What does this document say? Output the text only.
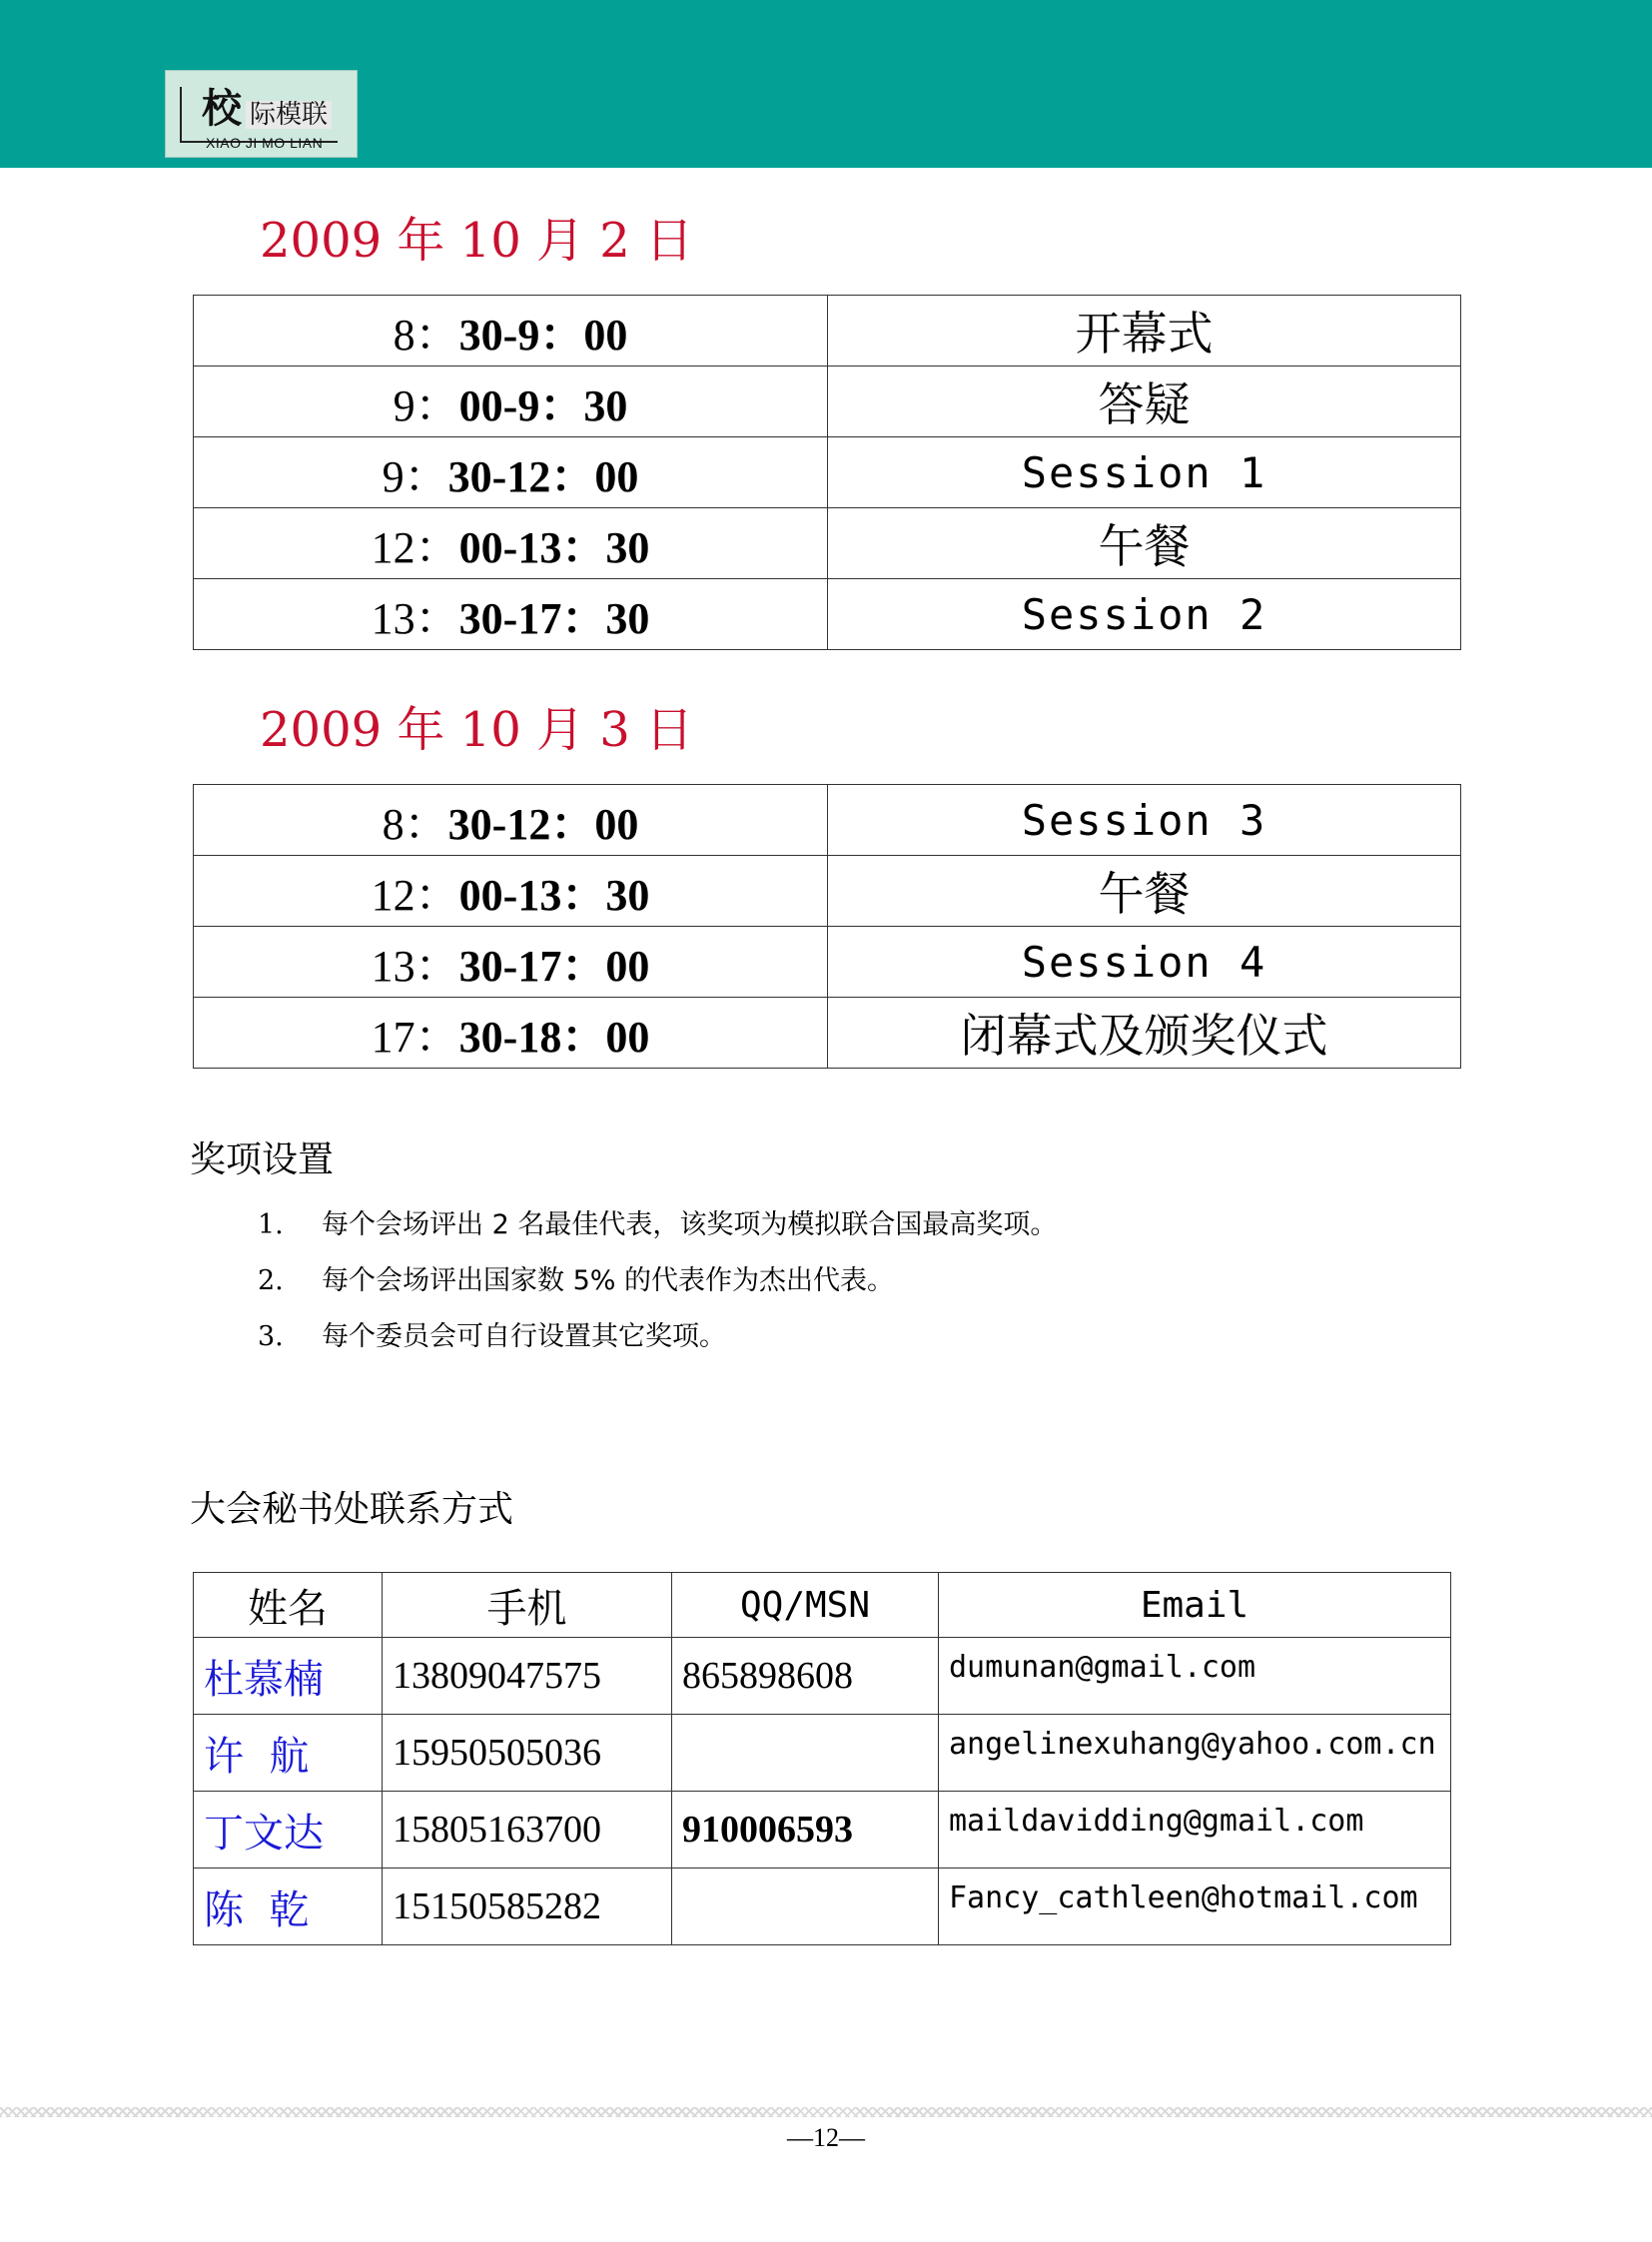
校 际模联
XIAO JI MO LIAN
2009 年 10 月 2 日
8：30-9：00	开幕式
9：00-9：30	答疑
9：30-12：00	Session 1
12：00-13：30	午餐
13：30-17：30	Session 2
2009 年 10 月 3 日
8：30-12：00	Session 3
12：00-13：30	午餐
13：30-17：00	Session 4
17：30-18：00	闭幕式及颁奖仪式
奖项设置
1.	每个会场评出 2 名最佳代表，该奖项为模拟联合国最高奖项。
2.	每个会场评出国家数 5% 的代表作为杰出代表。
3.	每个委员会可自行设置其它奖项。
大会秘书处联系方式
姓名	手机	QQ/MSN	Email
杜慕楠	13809047575	865898608	dumunan@gmail.com
许  航	15950505036		angelinexuhang@yahoo.com.cn
丁文达	15805163700	910006593	maildavidding@gmail.com
陈  乾	15150585282		Fancy_cathleen@hotmail.com
—12—
